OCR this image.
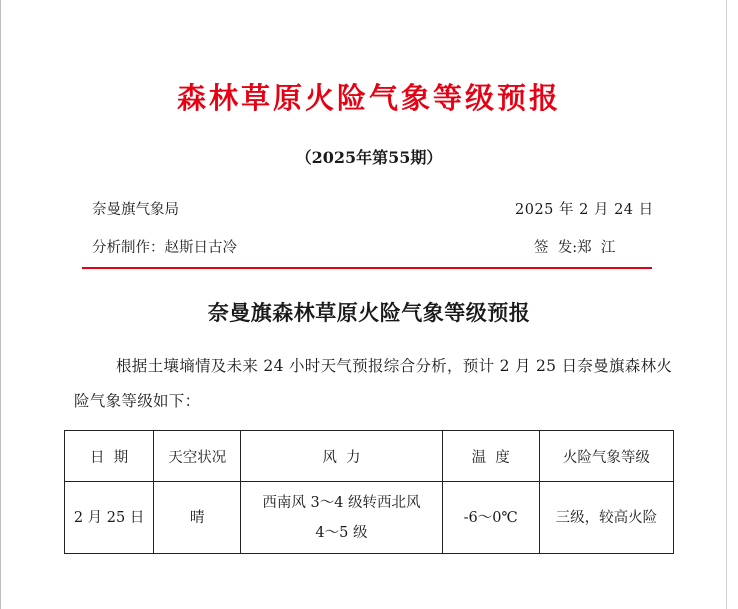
森林草原火险气象等级预报
（2025年第55期）
奈曼旗气象局	2025 年 2 月 24 日
分析制作：赵斯日古冷	签  发:郑  江
奈曼旗森林草原火险气象等级预报
根据土壤墒情及未来 24 小时天气预报综合分析，预计 2 月 25 日奈曼旗森林火险气象等级如下：
日  期	天空状况	风  力	温  度	火险气象等级
2 月 25 日	晴	西南风 3～4 级转西北风
4～5 级	-6～0℃	三级，较高火险
